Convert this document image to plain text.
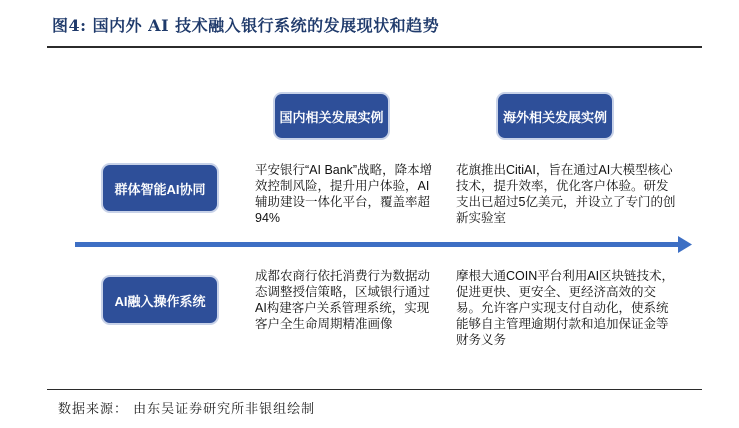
图4: 国内外 AI 技术融入银行系统的发展现状和趋势
国内相关发展实例	海外相关发展实例
群体智能AI协同
平安银行“AI Bank”战略，降本增效控制风险，提升用户体验，AI辅助建设一体化平台，覆盖率超94%
花旗推出CitiAI，旨在通过AI大模型核心技术，提升效率，优化客户体验。研发支出已超过5亿美元，并设立了专门的创新实验室
AI融入操作系统
成都农商行依托消费行为数据动态调整授信策略，区域银行通过AI构建客户关系管理系统，实现客户全生命周期精准画像
摩根大通COIN平台利用AI区块链技术，促进更快、更安全、更经济高效的交易。允许客户实现支付自动化，使系统能够自主管理逾期付款和追加保证金等财务义务
数据来源： 由东吴证券研究所非银组绘制
